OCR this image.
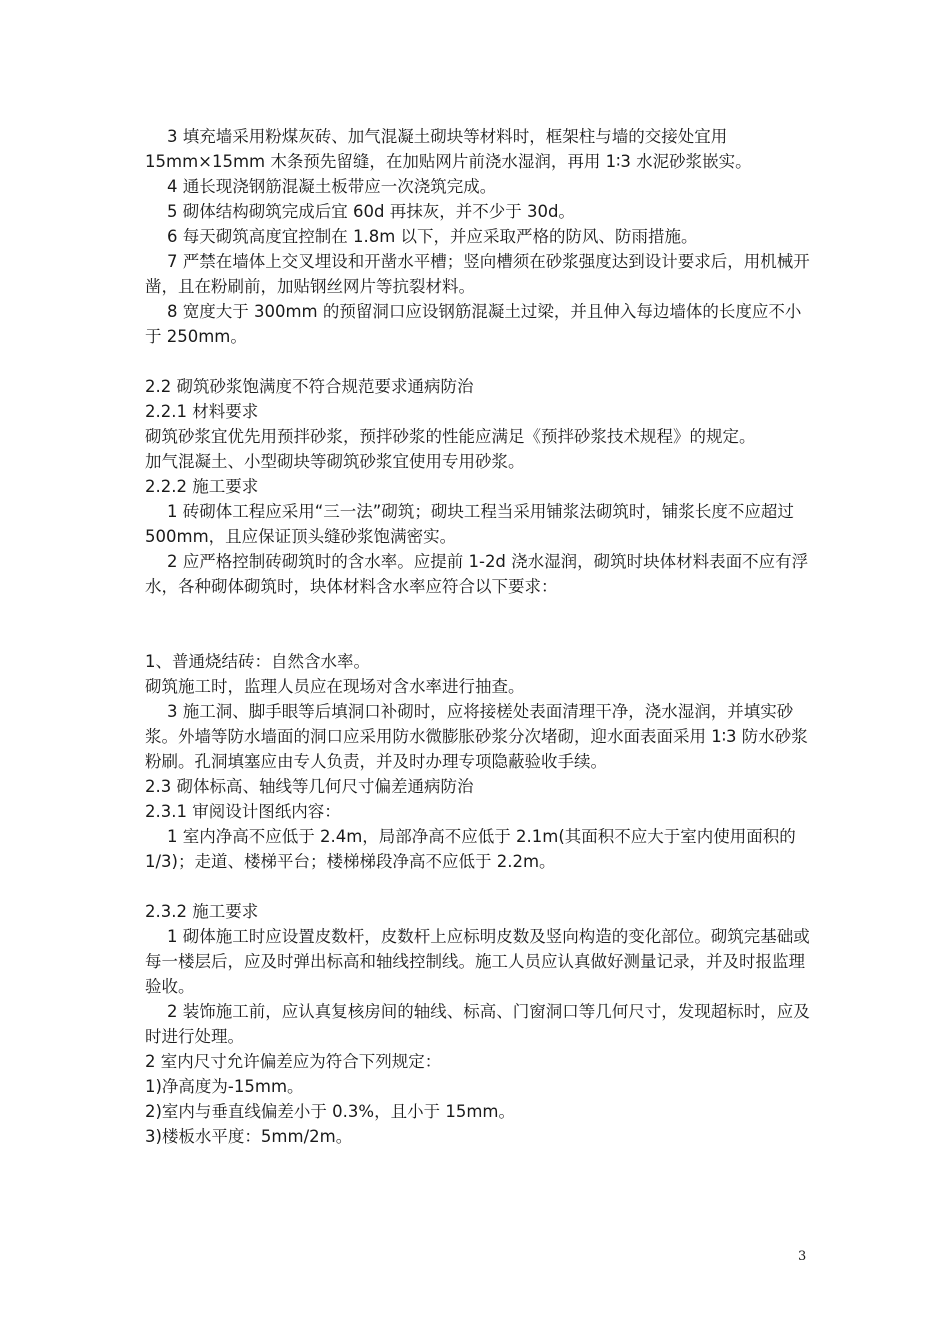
3 填充墙采用粉煤灰砖、加气混凝土砌块等材料时，框架柱与墙的交接处宜用 15mm×15mm 木条预先留缝，在加贴网片前浇水湿润，再用 1∶3 水泥砂浆嵌实。

4 通长现浇钢筋混凝土板带应一次浇筑完成。

5 砌体结构砌筑完成后宜 60d 再抹灰，并不少于 30d。

6 每天砌筑高度宜控制在 1.8m 以下，并应采取严格的防风、防雨措施。

7 严禁在墙体上交叉埋设和开凿水平槽；竖向槽须在砂浆强度达到设计要求后，用机械开凿，且在粉刷前，加贴钢丝网片等抗裂材料。

8 宽度大于 300mm 的预留洞口应设钢筋混凝土过梁，并且伸入每边墙体的长度应不小于 250mm。

2.2 砌筑砂浆饱满度不符合规范要求通病防治

2.2.1 材料要求

砌筑砂浆宜优先用预拌砂浆，预拌砂浆的性能应满足《预拌砂浆技术规程》的规定。

加气混凝土、小型砌块等砌筑砂浆宜使用专用砂浆。

2.2.2 施工要求

1 砖砌体工程应采用“三一法”砌筑；砌块工程当采用铺浆法砌筑时，铺浆长度不应超过 500mm，且应保证顶头缝砂浆饱满密实。

2 应严格控制砖砌筑时的含水率。应提前 1-2d 浇水湿润，砌筑时块体材料表面不应有浮水，各种砌体砌筑时，块体材料含水率应符合以下要求：

1、普通烧结砖：自然含水率。

砌筑施工时，监理人员应在现场对含水率进行抽查。

3 施工洞、脚手眼等后填洞口补砌时，应将接槎处表面清理干净，浇水湿润，并填实砂浆。外墙等防水墙面的洞口应采用防水微膨胀砂浆分次堵砌，迎水面表面采用 1∶3 防水砂浆粉刷。孔洞填塞应由专人负责，并及时办理专项隐蔽验收手续。

2.3 砌体标高、轴线等几何尺寸偏差通病防治

2.3.1 审阅设计图纸内容：

1 室内净高不应低于 2.4m，局部净高不应低于 2.1m(其面积不应大于室内使用面积的 1/3)；走道、楼梯平台；楼梯梯段净高不应低于 2.2m。

2.3.2 施工要求

1 砌体施工时应设置皮数杆，皮数杆上应标明皮数及竖向构造的变化部位。砌筑完基础或每一楼层后，应及时弹出标高和轴线控制线。施工人员应认真做好测量记录，并及时报监理验收。

2 装饰施工前，应认真复核房间的轴线、标高、门窗洞口等几何尺寸，发现超标时，应及时进行处理。

2 室内尺寸允许偏差应为符合下列规定：

1)净高度为-15mm。

2)室内与垂直线偏差小于 0.3%，且小于 15mm。

3)楼板水平度：5mm/2m。

3
